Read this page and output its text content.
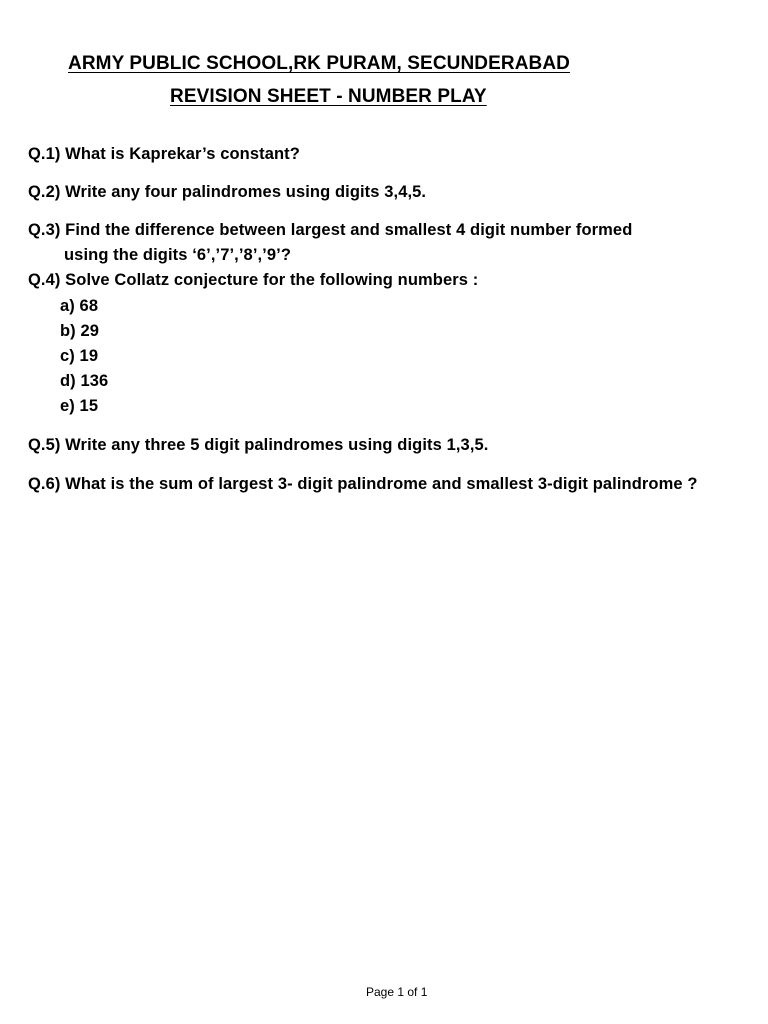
ARMY PUBLIC SCHOOL,RK PURAM, SECUNDERABAD
REVISION SHEET - NUMBER PLAY
Q.1) What is Kaprekar’s constant?
Q.2) Write any four palindromes using digits 3,4,5.
Q.3) Find the difference between largest and smallest 4 digit number formed
using the digits ‘6’,’7’,’8’,’9’?
Q.4) Solve Collatz conjecture for the following numbers :
a) 68
b) 29
c) 19
d) 136
e) 15
Q.5) Write any three 5 digit palindromes using digits 1,3,5.
Q.6) What is the sum of largest 3- digit palindrome and smallest 3-digit palindrome ?
Page 1 of 1
